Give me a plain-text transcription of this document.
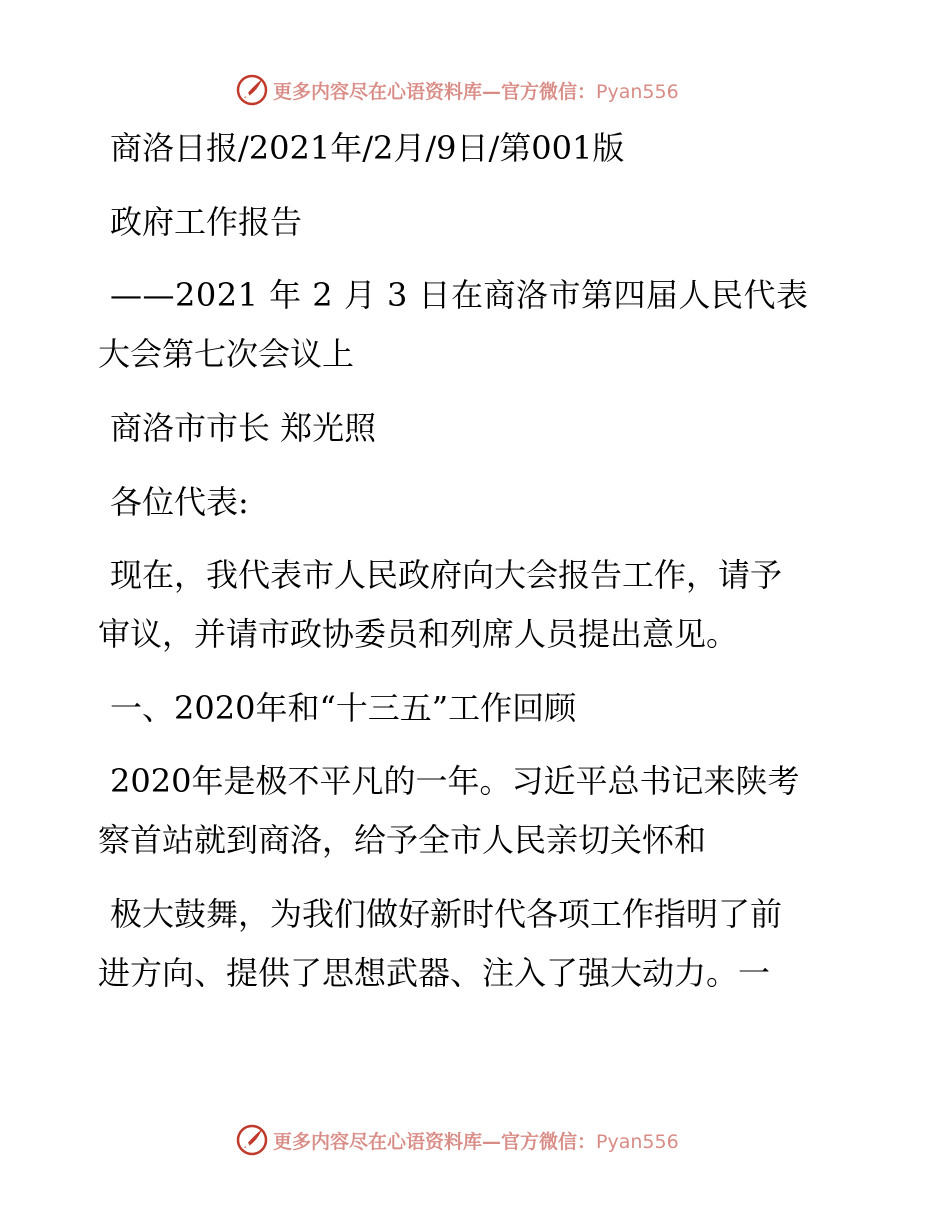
更多内容尽在心语资料库—官方微信：Pyan556

商洛日报/2021年/2月/9日/第001版

政府工作报告

——2021 年 2 月 3 日在商洛市第四届人民代表

大会第七次会议上

商洛市市长 郑光照

各位代表:

现在，我代表市人民政府向大会报告工作，请予

审议，并请市政协委员和列席人员提出意见。

一、2020年和“十三五”工作回顾

2020年是极不平凡的一年。习近平总书记来陕考

察首站就到商洛，给予全市人民亲切关怀和

极大鼓舞，为我们做好新时代各项工作指明了前

进方向、提供了思想武器、注入了强大动力。一

更多内容尽在心语资料库—官方微信：Pyan556
